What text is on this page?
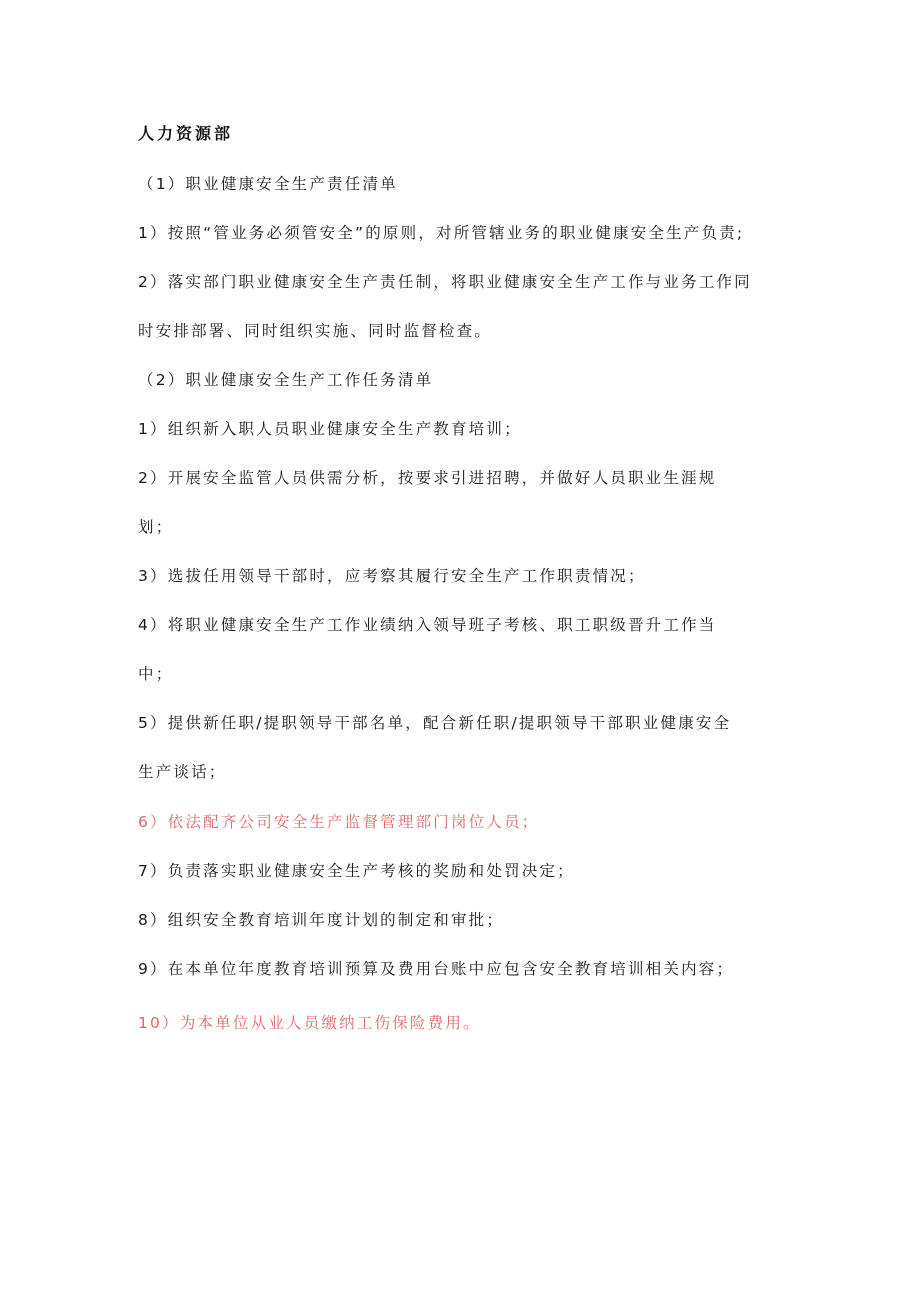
人力资源部
（1）职业健康安全生产责任清单
1）按照“管业务必须管安全”的原则，对所管辖业务的职业健康安全生产负责;
2）落实部门职业健康安全生产责任制，将职业健康安全生产工作与业务工作同
时安排部署、同时组织实施、同时监督检查。
（2）职业健康安全生产工作任务清单
1）组织新入职人员职业健康安全生产教育培训；
2）开展安全监管人员供需分析，按要求引进招聘，并做好人员职业生涯规
划；
3）选拔任用领导干部时，应考察其履行安全生产工作职责情况；
4）将职业健康安全生产工作业绩纳入领导班子考核、职工职级晋升工作当
中；
5）提供新任职/提职领导干部名单，配合新任职/提职领导干部职业健康安全
生产谈话；
6）依法配齐公司安全生产监督管理部门岗位人员；
7）负责落实职业健康安全生产考核的奖励和处罚决定；
8）组织安全教育培训年度计划的制定和审批；
9）在本单位年度教育培训预算及费用台账中应包含安全教育培训相关内容；
10）为本单位从业人员缴纳工伤保险费用。
